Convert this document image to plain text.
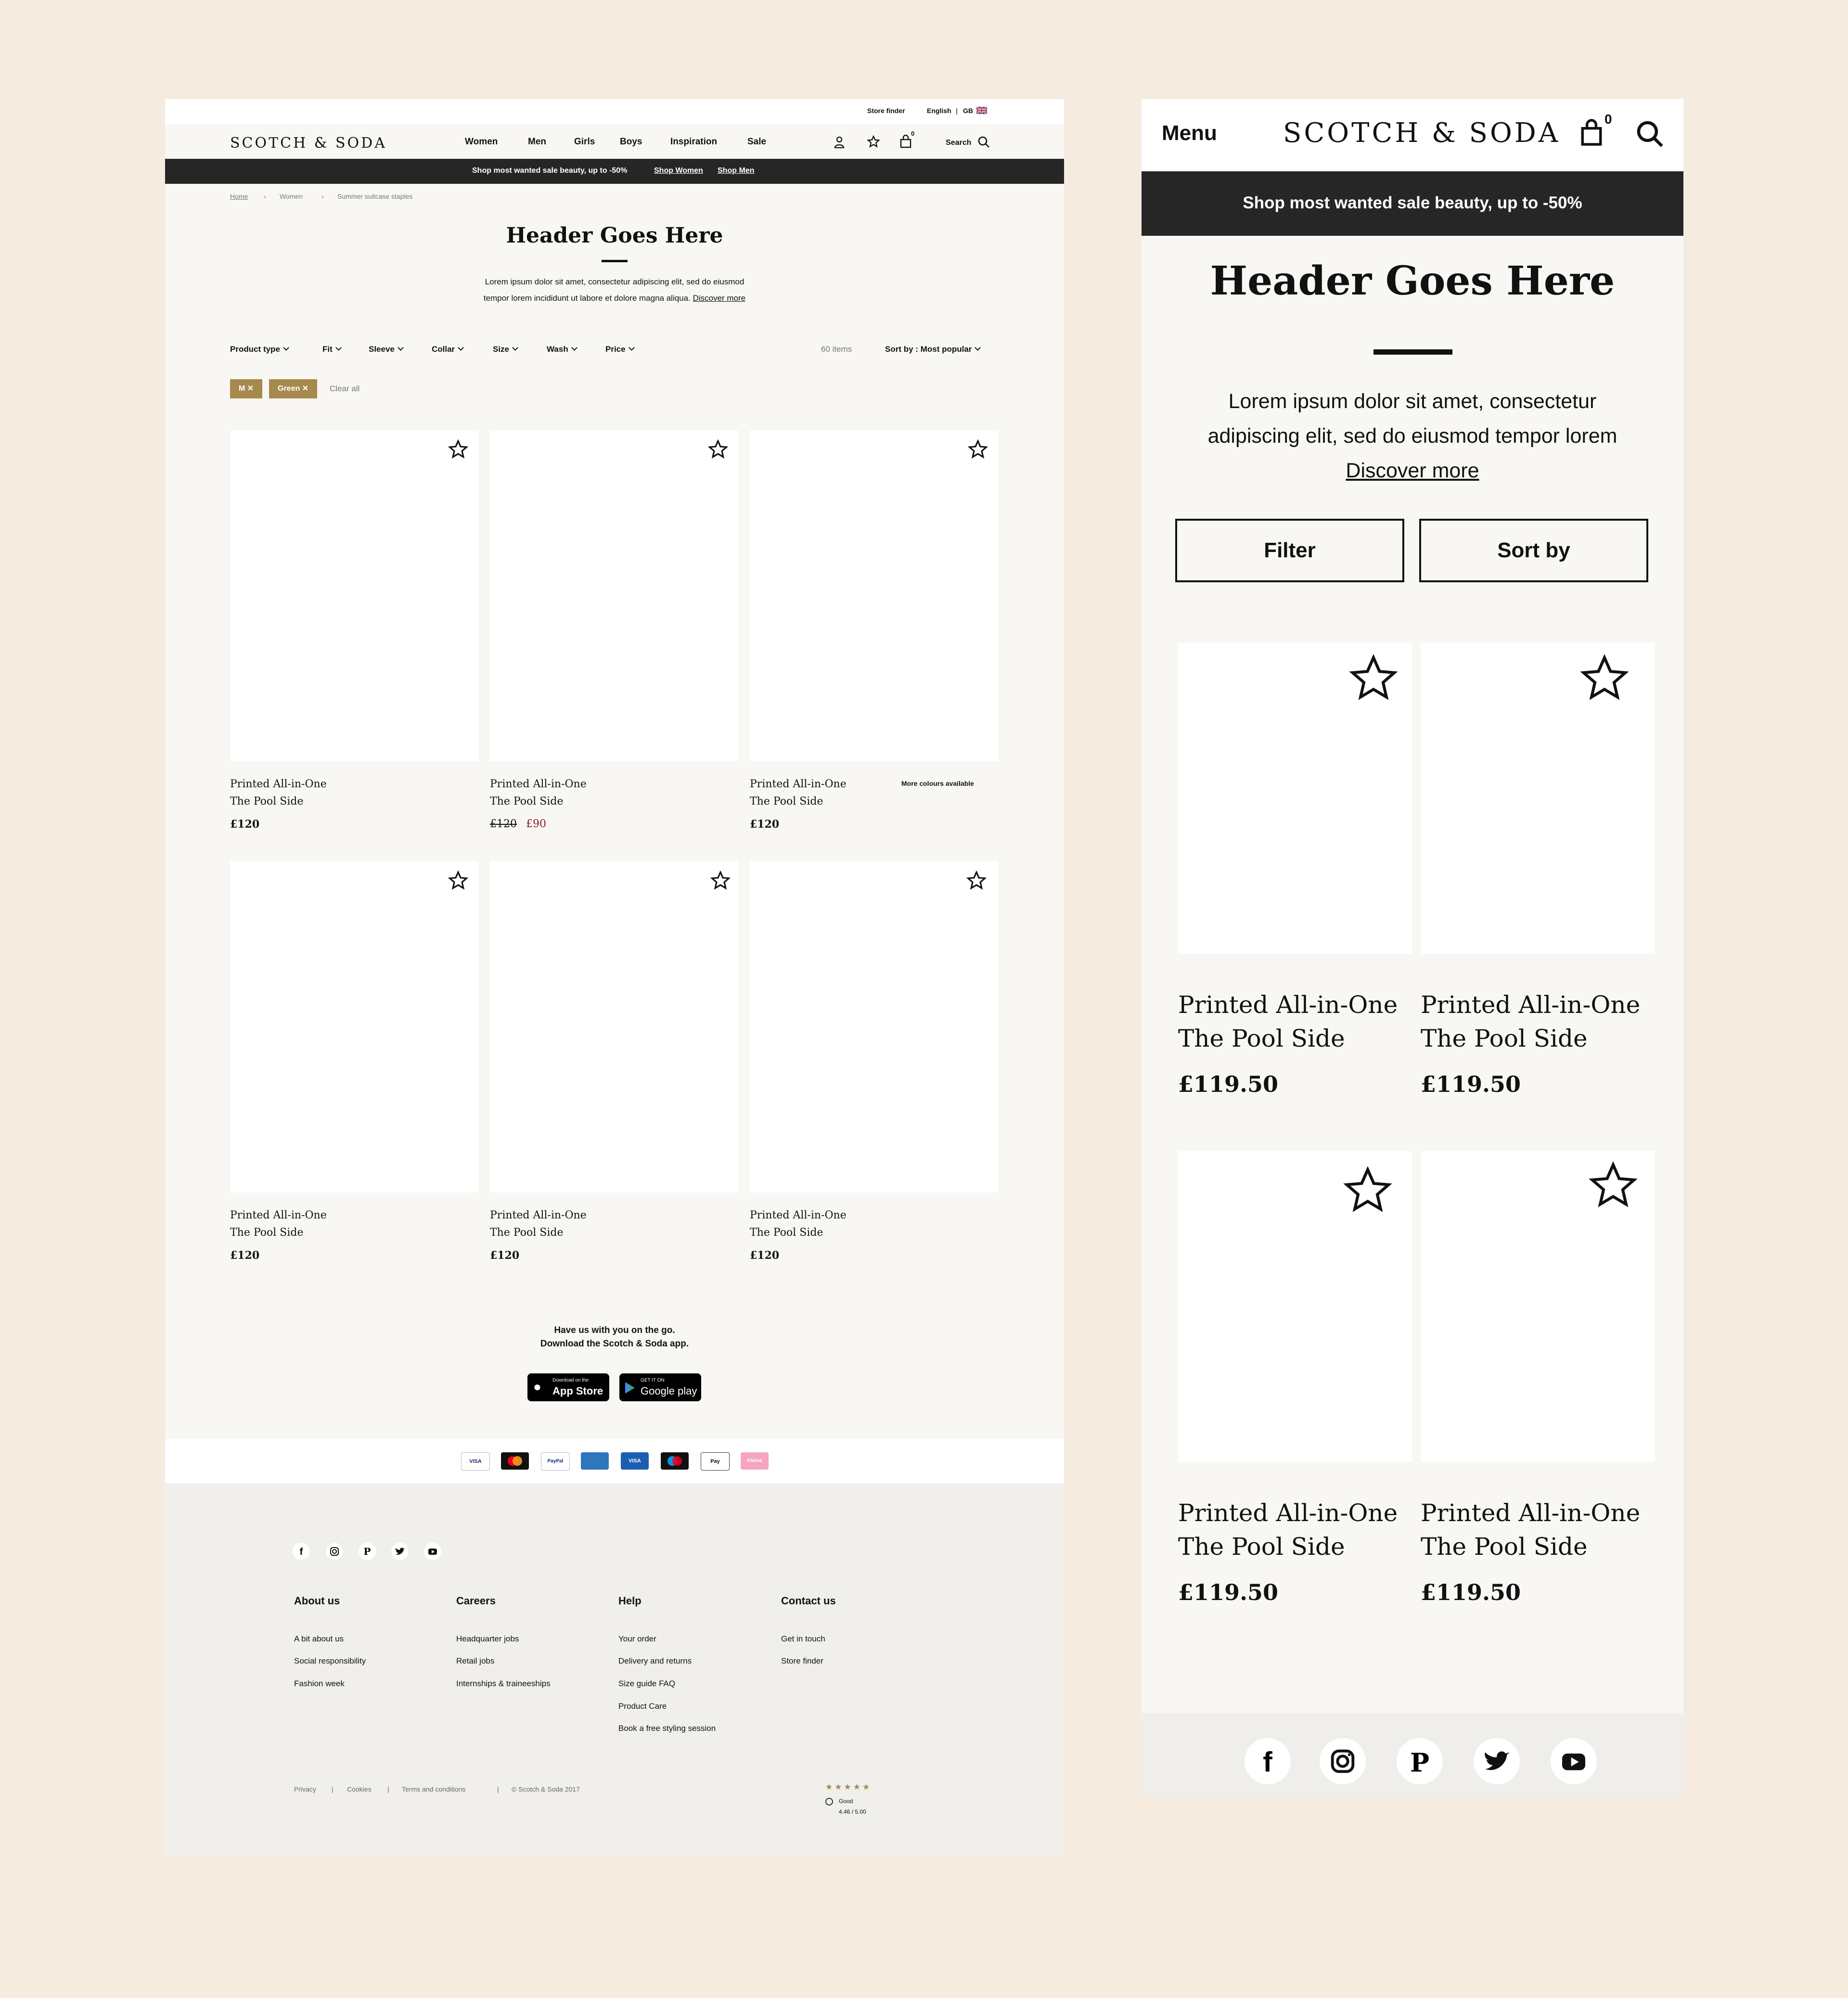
Store finder	English | GB
SCOTCH & SODA	Women	Men	Girls	Boys	Inspiration	Sale
0
Search
Shop most wanted sale beauty, up to -50%	Shop Women Shop Men
Home › Women	› Summer suitcase staples
Header Goes Here
Lorem ipsum dolor sit amet, consectetur adipiscing elit, sed do eiusmod
tempor lorem incididunt ut labore et dolore magna aliqua. Discover more
Product type	Fit	Sleeve	Collar	Size	Wash	Price	60 items	Sort by : Most popular
M ✕	Green ✕	Clear all
Printed All-in-One
The Pool Side
£120
Printed All-in-One
The Pool Side
£120 £90
Printed All-in-One
The Pool Side
£120
More colours available
Printed All-in-One
The Pool Side
£120
Printed All-in-One
The Pool Side
£120
Printed All-in-One
The Pool Side
£120
Have us with you on the go.
Download the Scotch & Soda app.
● Download on the
App Store
GET IT ON
Google play
VISA	PayPal	VISA	Pay	Klarna
f	P
About us
A bit about us
Social responsibility
Fashion week
Careers
Headquarter jobs
Retail jobs
Internships & traineeships
Help
Your order
Delivery and returns
Size guide FAQ
Product Care
Book a free styling session
Contact us
Get in touch
Store finder
Privacy | Cookies | Terms and conditions	| © Scotch & Soda 2017	★★★★★
Good
4.46 / 5.00
Menu SCOTCH & SODA	0
Shop most wanted sale beauty, up to -50%
Header Goes Here
Lorem ipsum dolor sit amet, consectetur
adipiscing elit, sed do eiusmod tempor lorem
Discover more
Filter	Sort by
Printed All-in-One
The Pool Side
£119.50
Printed All-in-One
The Pool Side
£119.50
Printed All-in-One
The Pool Side
£119.50
Printed All-in-One
The Pool Side
£119.50
f	P
